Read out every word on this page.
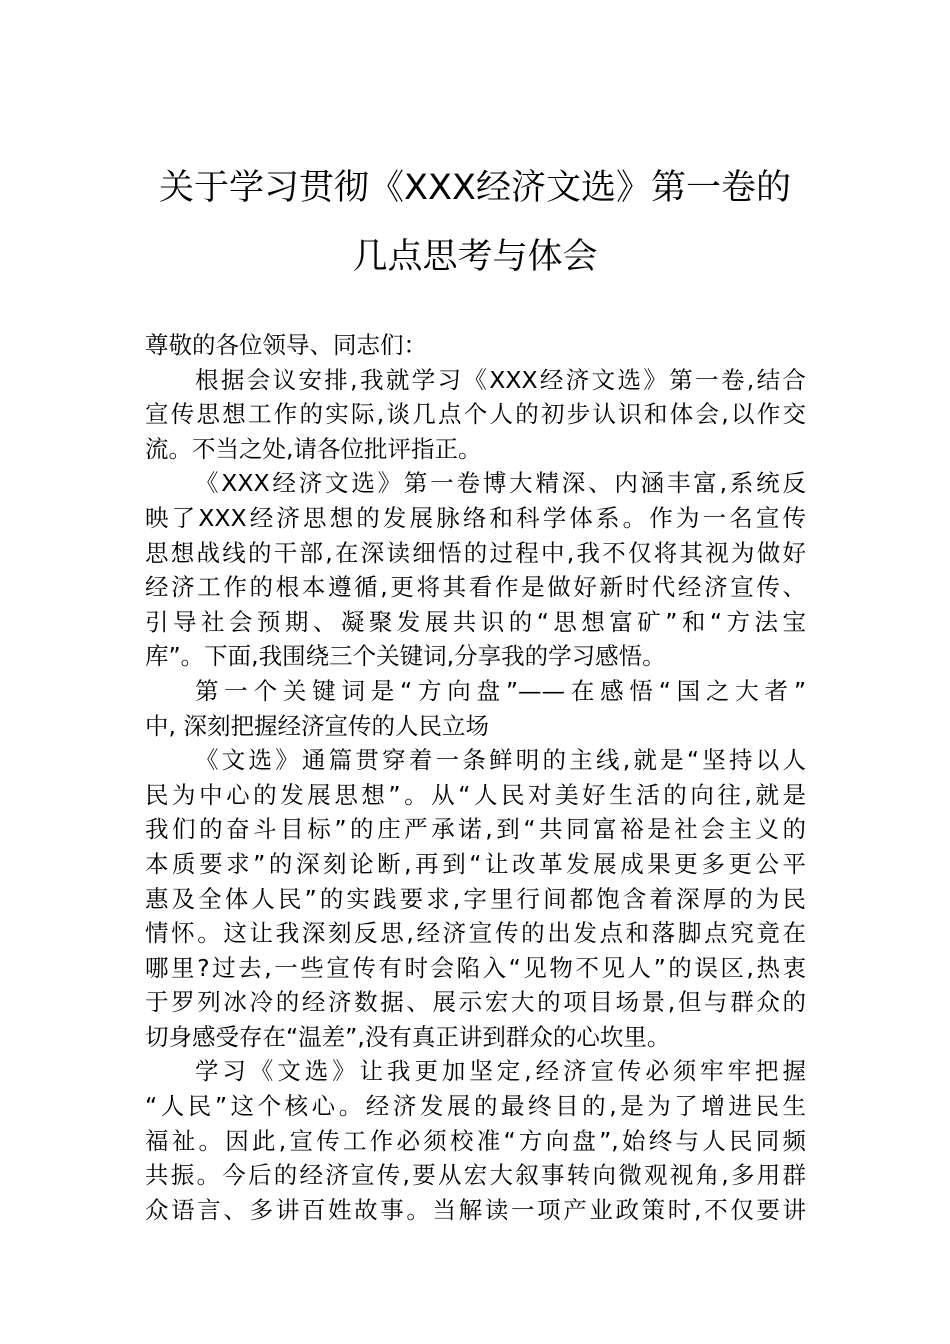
关于学习贯彻《XXX经济文选》第一卷的
几点思考与体会
尊敬的各位领导、同志们：
根据会议安排,我就学习《XXX经济文选》第一卷,结合
宣传思想工作的实际,谈几点个人的初步认识和体会,以作交
流。不当之处,请各位批评指正。
《XXX经济文选》第一卷博大精深、内涵丰富,系统反
映了XXX经济思想的发展脉络和科学体系。作为一名宣传
思想战线的干部,在深读细悟的过程中,我不仅将其视为做好
经济工作的根本遵循,更将其看作是做好新时代经济宣传、
引导社会预期、凝聚发展共识的“思想富矿”和“方法宝
库”。下面,我围绕三个关键词,分享我的学习感悟。
第一个关键词是“方向盘”——在感悟“国之大者”
中, 深刻把握经济宣传的人民立场
《文选》通篇贯穿着一条鲜明的主线,就是“坚持以人
民为中心的发展思想”。从“人民对美好生活的向往,就是
我们的奋斗目标”的庄严承诺,到“共同富裕是社会主义的
本质要求”的深刻论断,再到“让改革发展成果更多更公平
惠及全体人民”的实践要求,字里行间都饱含着深厚的为民
情怀。这让我深刻反思,经济宣传的出发点和落脚点究竟在
哪里?过去,一些宣传有时会陷入“见物不见人”的误区,热衷
于罗列冰冷的经济数据、展示宏大的项目场景,但与群众的
切身感受存在“温差”,没有真正讲到群众的心坎里。
学习《文选》让我更加坚定,经济宣传必须牢牢把握
“人民”这个核心。经济发展的最终目的,是为了增进民生
福祉。因此,宣传工作必须校准“方向盘”,始终与人民同频
共振。今后的经济宣传,要从宏大叙事转向微观视角,多用群
众语言、多讲百姓故事。当解读一项产业政策时,不仅要讲
